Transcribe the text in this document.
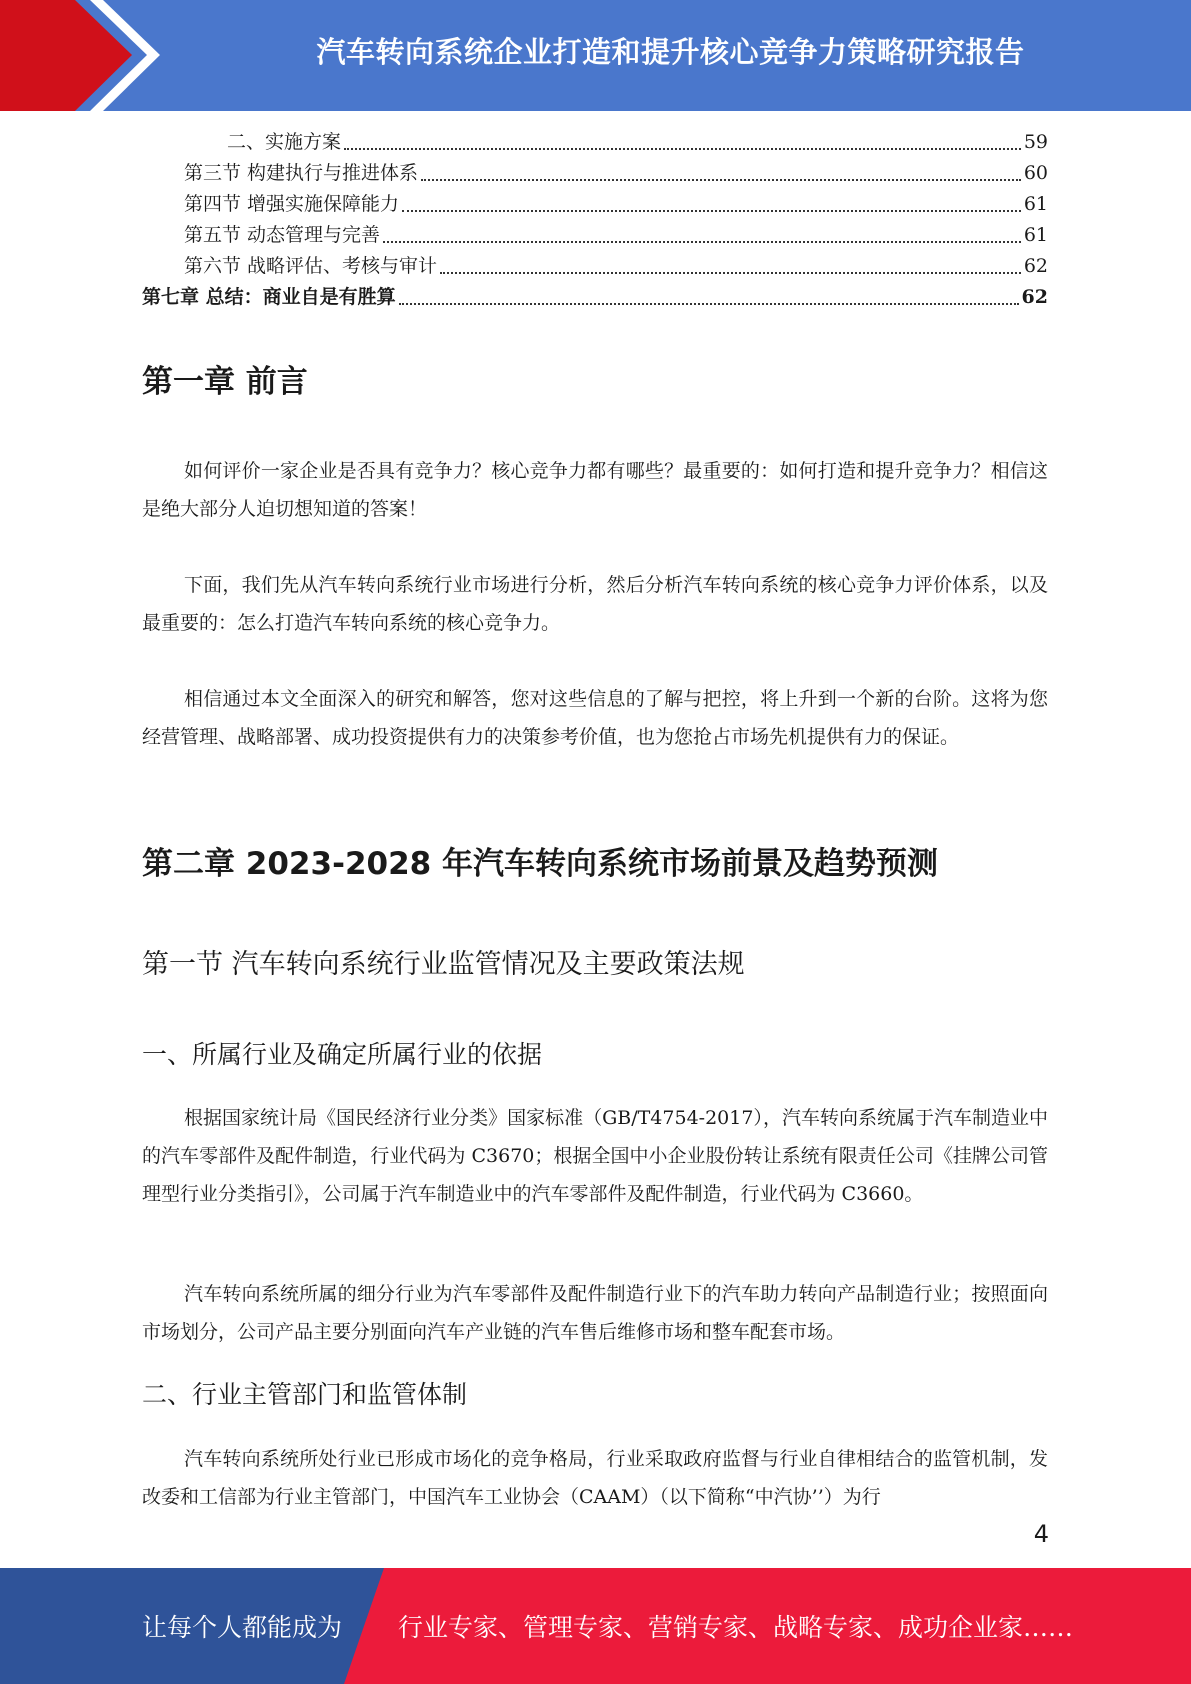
汽车转向系统企业打造和提升核心竞争力策略研究报告
二、实施方案	59
第三节 构建执行与推进体系	60
第四节 增强实施保障能力	61
第五节 动态管理与完善	61
第六节 战略评估、考核与审计	62
第七章 总结：商业自是有胜算	62
第一章 前言

如何评价一家企业是否具有竞争力？核心竞争力都有哪些？最重要的：如何打造和提升竞争力？相信这是绝大部分人迫切想知道的答案！

下面，我们先从汽车转向系统行业市场进行分析，然后分析汽车转向系统的核心竞争力评价体系，以及最重要的：怎么打造汽车转向系统的核心竞争力。

相信通过本文全面深入的研究和解答，您对这些信息的了解与把控，将上升到一个新的台阶。这将为您经营管理、战略部署、成功投资提供有力的决策参考价值，也为您抢占市场先机提供有力的保证。

第二章 2023-2028 年汽车转向系统市场前景及趋势预测
第一节 汽车转向系统行业监管情况及主要政策法规
一、所属行业及确定所属行业的依据

根据国家统计局《国民经济行业分类》国家标准（GB/T4754-2017），汽车转向系统属于汽车制造业中的汽车零部件及配件制造，行业代码为 C3670；根据全国中小企业股份转让系统有限责任公司《挂牌公司管理型行业分类指引》，公司属于汽车制造业中的汽车零部件及配件制造，行业代码为 C3660。

汽车转向系统所属的细分行业为汽车零部件及配件制造行业下的汽车助力转向产品制造行业；按照面向市场划分，公司产品主要分别面向汽车产业链的汽车售后维修市场和整车配套市场。

二、行业主管部门和监管体制

汽车转向系统所处行业已形成市场化的竞争格局，行业采取政府监督与行业自律相结合的监管机制，发改委和工信部为行业主管部门，中国汽车工业协会（CAAM）（以下简称“中汽协’’）为行

4
让每个人都能成为 行业专家、管理专家、营销专家、战略专家、成功企业家……
